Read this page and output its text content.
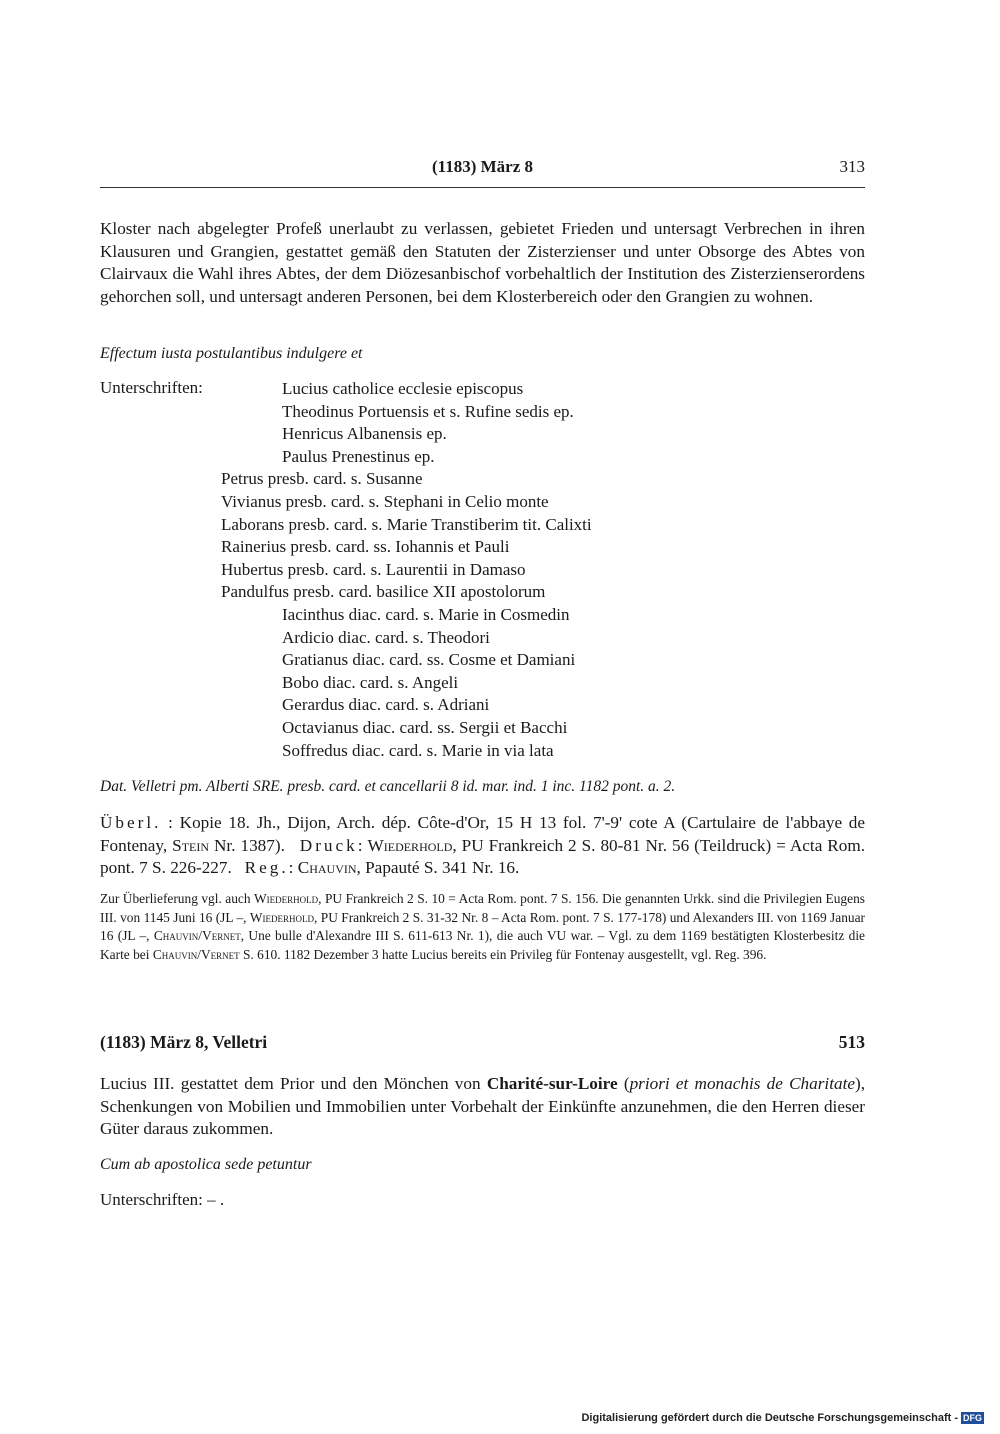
(1183) März 8	313

Kloster nach abgelegter Profeß unerlaubt zu verlassen, gebietet Frieden und untersagt Verbrechen in ihren Klausuren und Grangien, gestattet gemäß den Statuten der Zisterzienser und unter Obsorge des Abtes von Clairvaux die Wahl ihres Abtes, der dem Diözesanbischof vorbehaltlich der Institution des Zisterzienserordens gehorchen soll, und untersagt anderen Personen, bei dem Klosterbereich oder den Grangien zu wohnen.

Effectum iusta postulantibus indulgere et
Unterschriften:	Lucius catholice ecclesie episcopus
Theodinus Portuensis et s. Rufine sedis ep.
Henricus Albanensis ep.
Paulus Prenestinus ep.
Petrus presb. card. s. Susanne
Vivianus presb. card. s. Stephani in Celio monte
Laborans presb. card. s. Marie Transtiberim tit. Calixti
Rainerius presb. card. ss. Iohannis et Pauli
Hubertus presb. card. s. Laurentii in Damaso
Pandulfus presb. card. basilice XII apostolorum
Iacinthus diac. card. s. Marie in Cosmedin
Ardicio diac. card. s. Theodori
Gratianus diac. card. ss. Cosme et Damiani
Bobo diac. card. s. Angeli
Gerardus diac. card. s. Adriani
Octavianus diac. card. ss. Sergii et Bacchi
Soffredus diac. card. s. Marie in via lata
Dat. Velletri pm. Alberti SRE. presb. card. et cancellarii 8 id. mar. ind. 1 inc. 1182 pont. a. 2.

Überl. : Kopie 18. Jh., Dijon, Arch. dép. Côte-d'Or, 15 H 13 fol. 7'-9' cote A (Cartulaire de l'abbaye de Fontenay, Stein Nr. 1387). Druck: Wiederhold, PU Frankreich 2 S. 80-81 Nr. 56 (Teildruck) = Acta Rom. pont. 7 S. 226-227. Reg.: Chauvin, Papauté S. 341 Nr. 16.

Zur Überlieferung vgl. auch Wiederhold, PU Frankreich 2 S. 10 = Acta Rom. pont. 7 S. 156. Die genannten Urkk. sind die Privilegien Eugens III. von 1145 Juni 16 (JL –, Wiederhold, PU Frankreich 2 S. 31-32 Nr. 8 – Acta Rom. pont. 7 S. 177-178) und Alexanders III. von 1169 Januar 16 (JL –, Chauvin/Vernet, Une bulle d'Alexandre III S. 611-613 Nr. 1), die auch VU war. – Vgl. zu dem 1169 bestätigten Klosterbesitz die Karte bei Chauvin/Vernet S. 610. 1182 Dezember 3 hatte Lucius bereits ein Privileg für Fontenay ausgestellt, vgl. Reg. 396.

(1183) März 8, Velletri	513

Lucius III. gestattet dem Prior und den Mönchen von Charité-sur-Loire (priori et monachis de Charitate), Schenkungen von Mobilien und Immobilien unter Vorbehalt der Einkünfte anzunehmen, die den Herren dieser Güter daraus zukommen.

Cum ab apostolica sede petuntur
Unterschriften: – .
Digitalisierung gefördert durch die Deutsche Forschungsgemeinschaft - DFG
